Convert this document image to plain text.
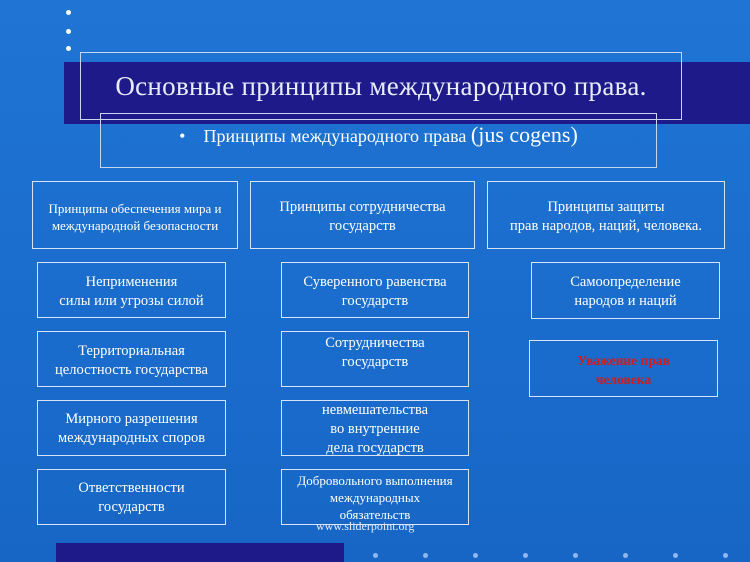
Основные принципы международного права.
• Принципы международного права (jus cogens)
Принципы обеспечения мира и
международной безопасности
Неприменения
силы или угрозы силой
Территориальная
целостность государства
Мирного разрешения
международных споров
Ответственности
государств
Принципы сотрудничества
государств
Суверенного равенства
государств
Сотрудничества
государств
невмешательства
во внутренние
дела государств
Добровольного выполнения
международных
обязательств
Принципы защиты
прав народов, наций, человека.
Самоопределение
народов и наций
Уважение прав
человека
www.sliderpoint.org
